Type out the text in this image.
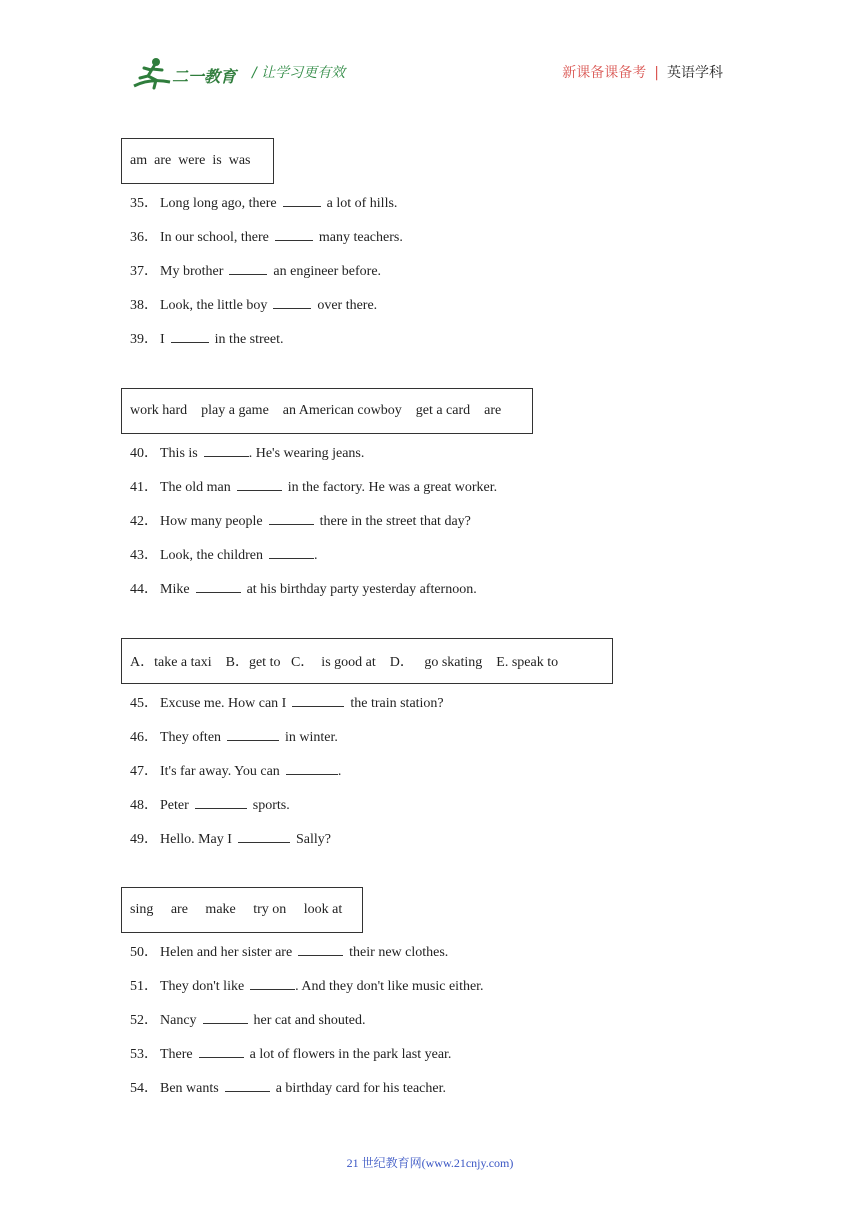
二一教育 / 让学习更有效	新课备课备考 | 英语学科
am  are  were  is  was
35． Long long ago, there	a lot of hills.
36． In our school, there	many teachers.
37． My brother	an engineer before.
38． Look, the little boy	over there.
39． I	in the street.
work hard    play a game    an American cowboy    get a card    are
40． This is	. He's wearing jeans.
41． The old man	in the factory. He was a great worker.
42． How many people	there in the street that day?
43． Look, the children	.
44． Mike	at his birthday party yesterday afternoon.
A．take a taxi    B．get to   C．  is good at    D．   go skating    E. speak to
45． Excuse me. How can I	the train station?
46． They often	in winter.
47． It's far away. You can	.
48． Peter	sports.
49． Hello. May I	Sally?
sing     are     make     try on     look at
50． Helen and her sister are	their new clothes.
51． They don't like	. And they don't like music either.
52． Nancy	her cat and shouted.
53． There	a lot of flowers in the park last year.
54． Ben wants	a birthday card for his teacher.
21 世纪教育网(www.21cnjy.com)
